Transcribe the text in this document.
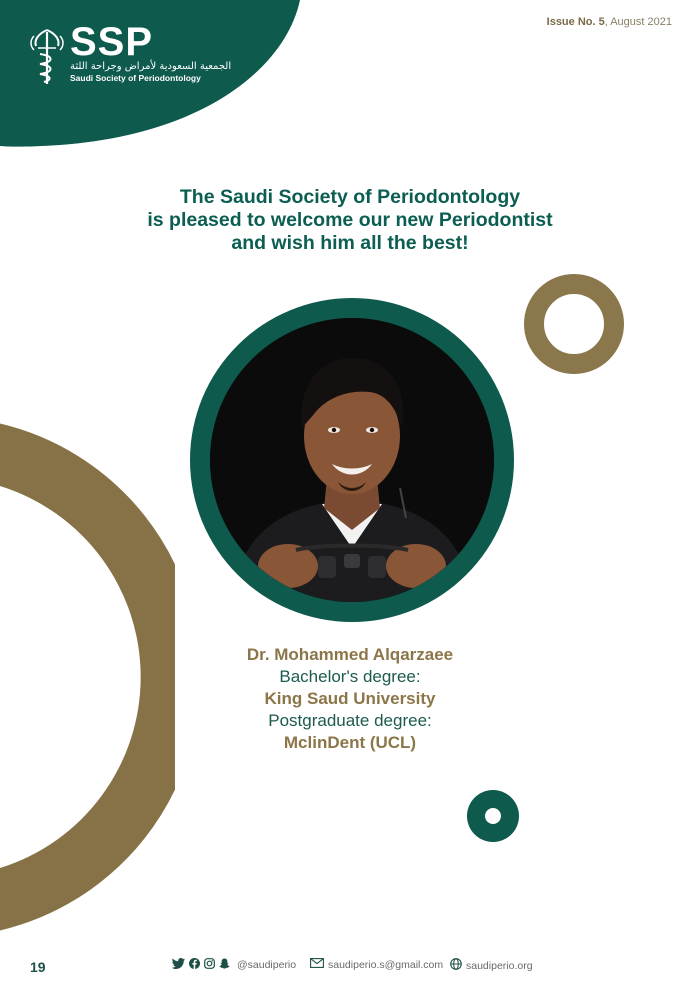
SSP
الجمعية السعودية لأمراض وجراحة اللثة
Saudi Society of Periodontology
Issue No. 5, August 2021
The Saudi Society of Periodontology
is pleased to welcome our new Periodontist
and wish him all the best!
Dr. Mohammed Alqarzaee
Bachelor's degree:
King Saud University
Postgraduate degree:
MclinDent (UCL)
19	@saudiperio	saudiperio.s@gmail.com saudiperio.org
